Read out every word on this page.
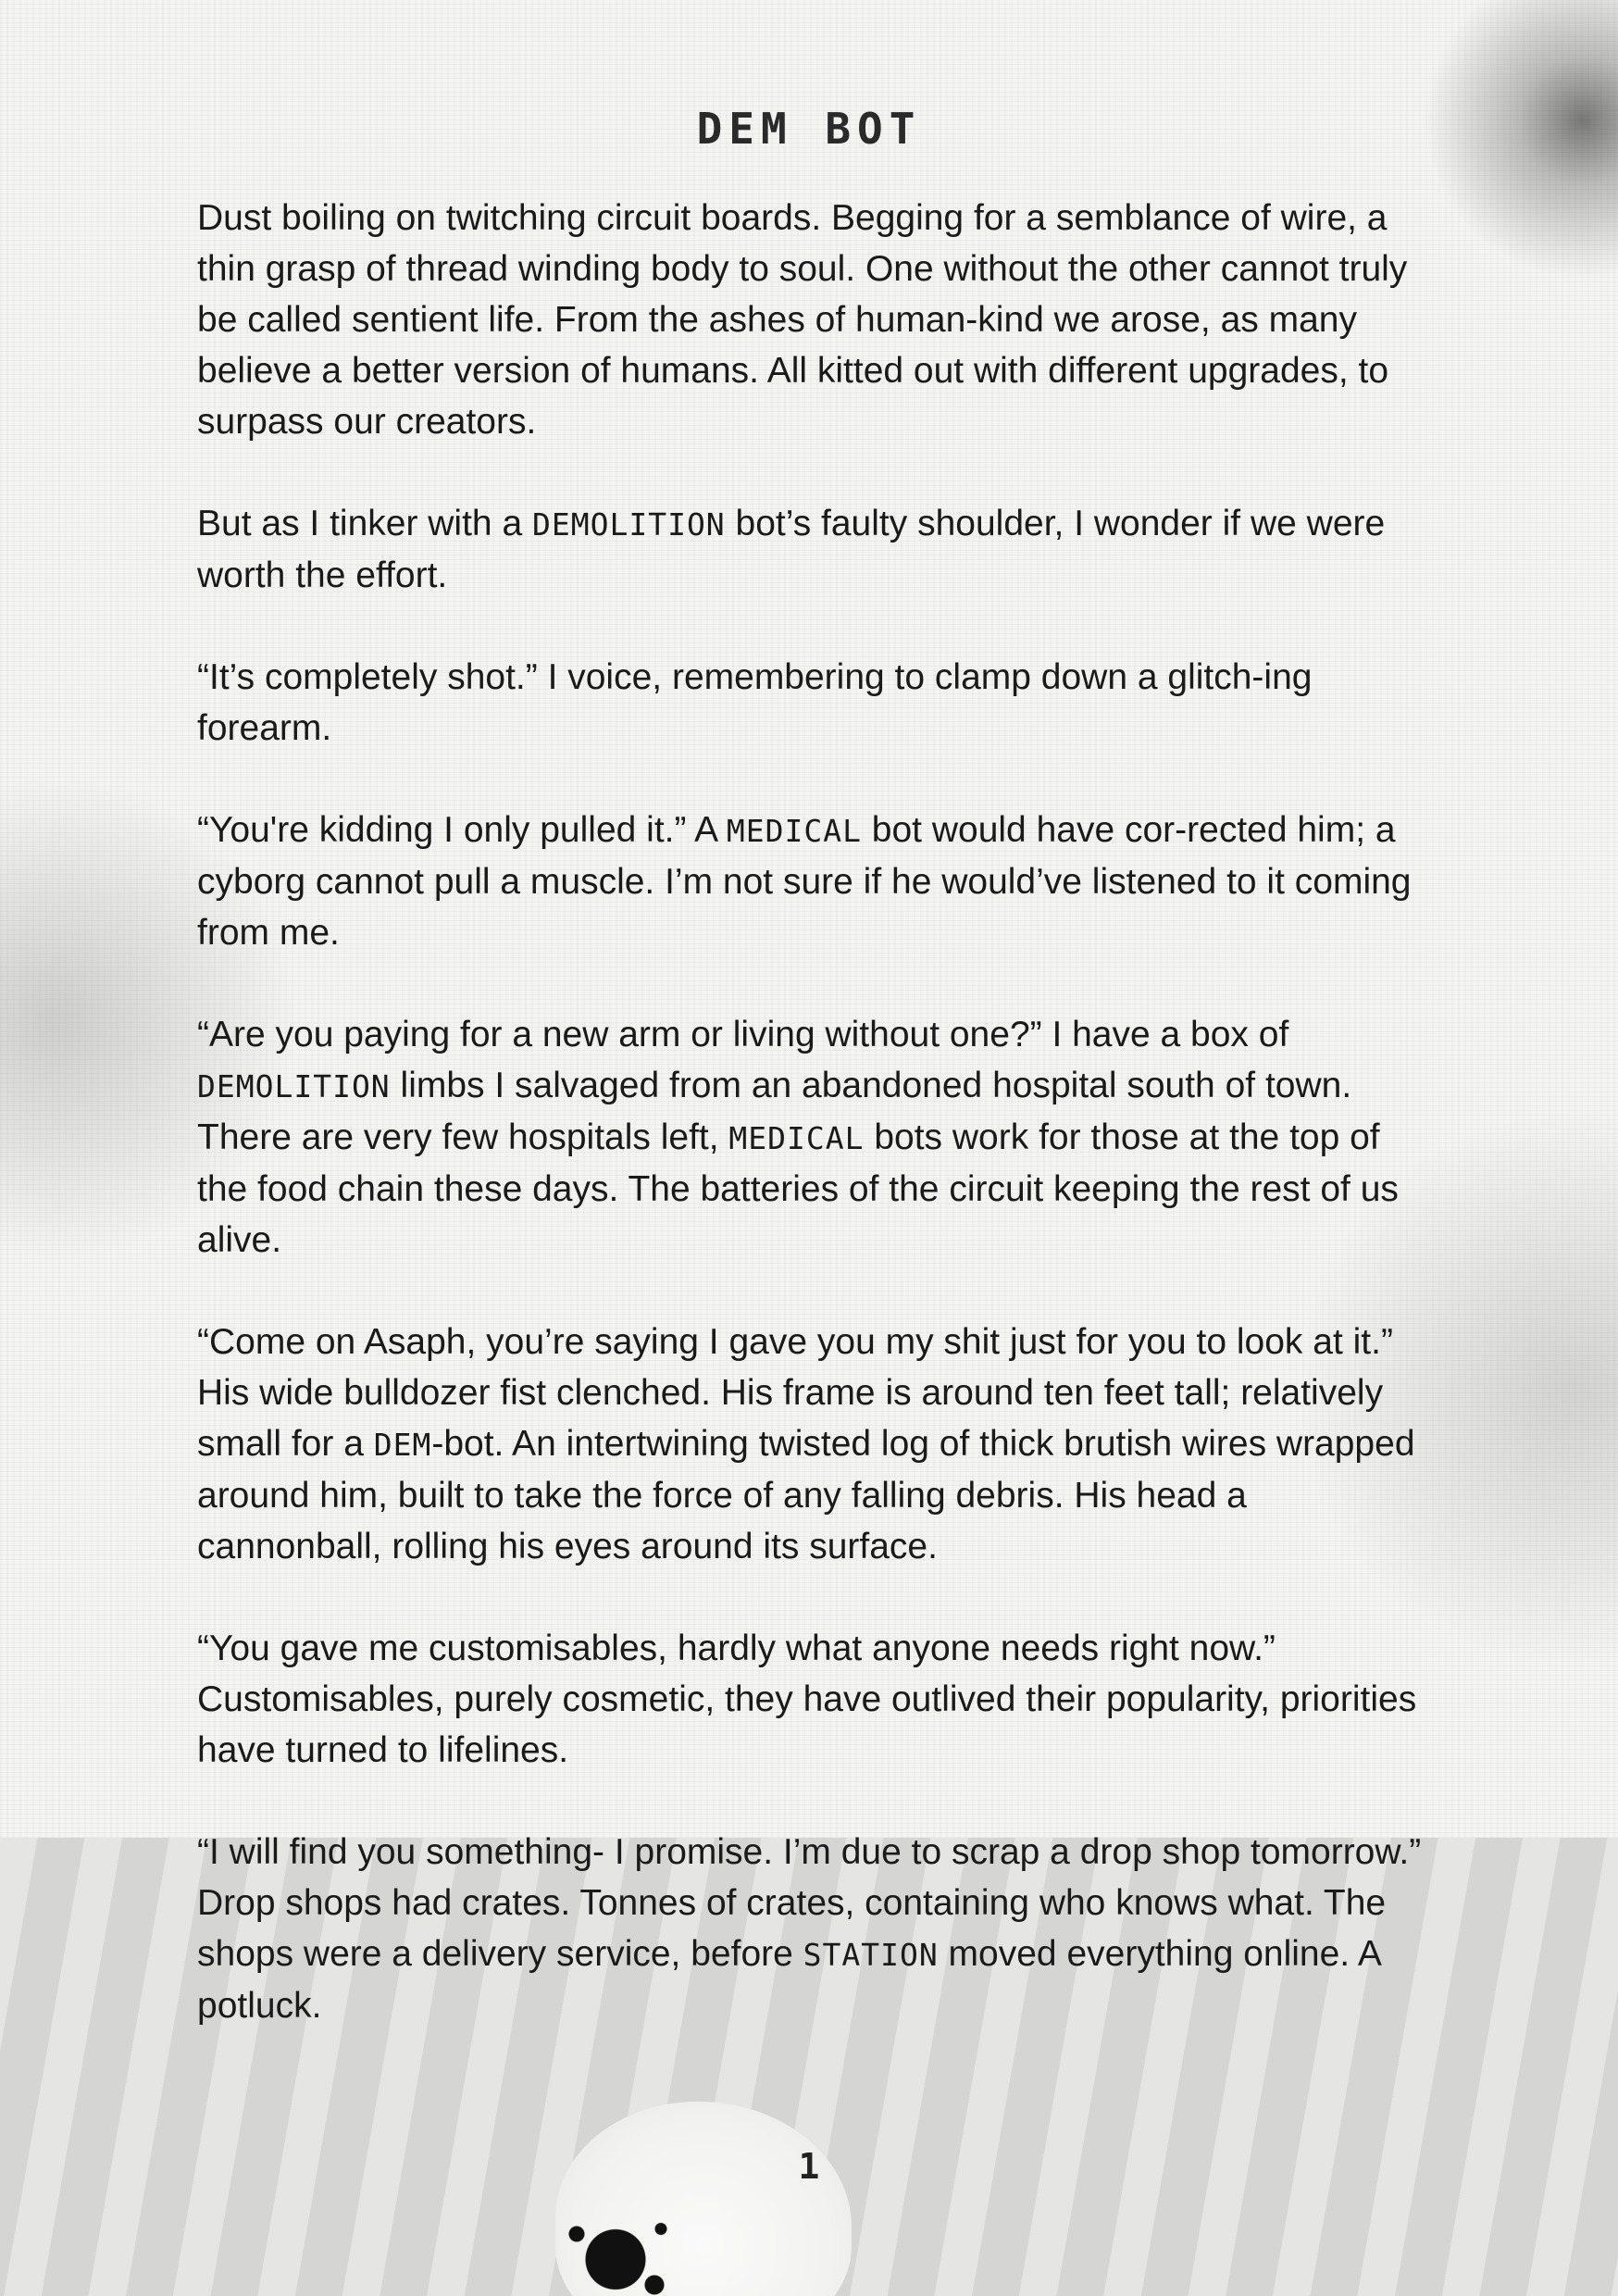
DEM BOT

Dust boiling on twitching circuit boards. Begging for a semblance of wire, a thin grasp of thread winding body to soul. One without the other cannot truly be called sentient life. From the ashes of human-kind we arose, as many believe a better version of humans. All kitted out with different upgrades, to surpass our creators.

But as I tinker with a DEMOLITION bot’s faulty shoulder, I wonder if we were worth the effort.

“It’s completely shot.” I voice, remembering to clamp down a glitch-ing forearm.

“You're kidding I only pulled it.” A MEDICAL bot would have cor-rected him; a cyborg cannot pull a muscle. I’m not sure if he would’ve listened to it coming from me.

“Are you paying for a new arm or living without one?” I have a box of DEMOLITION limbs I salvaged from an abandoned hospital south of town. There are very few hospitals left, MEDICAL bots work for those at the top of the food chain these days. The batteries of the circuit keeping the rest of us alive.

“Come on Asaph, you’re saying I gave you my shit just for you to look at it.” His wide bulldozer fist clenched. His frame is around ten feet tall; relatively small for a DEM-bot. An intertwining twisted log of thick brutish wires wrapped around him, built to take the force of any falling debris. His head a cannonball, rolling his eyes around its surface.

“You gave me customisables, hardly what anyone needs right now.” Customisables, purely cosmetic, they have outlived their popularity, priorities have turned to lifelines.

“I will find you something- I promise. I’m due to scrap a drop shop tomorrow.” Drop shops had crates. Tonnes of crates, containing who knows what. The shops were a delivery service, before STATION moved everything online. A potluck.

1
